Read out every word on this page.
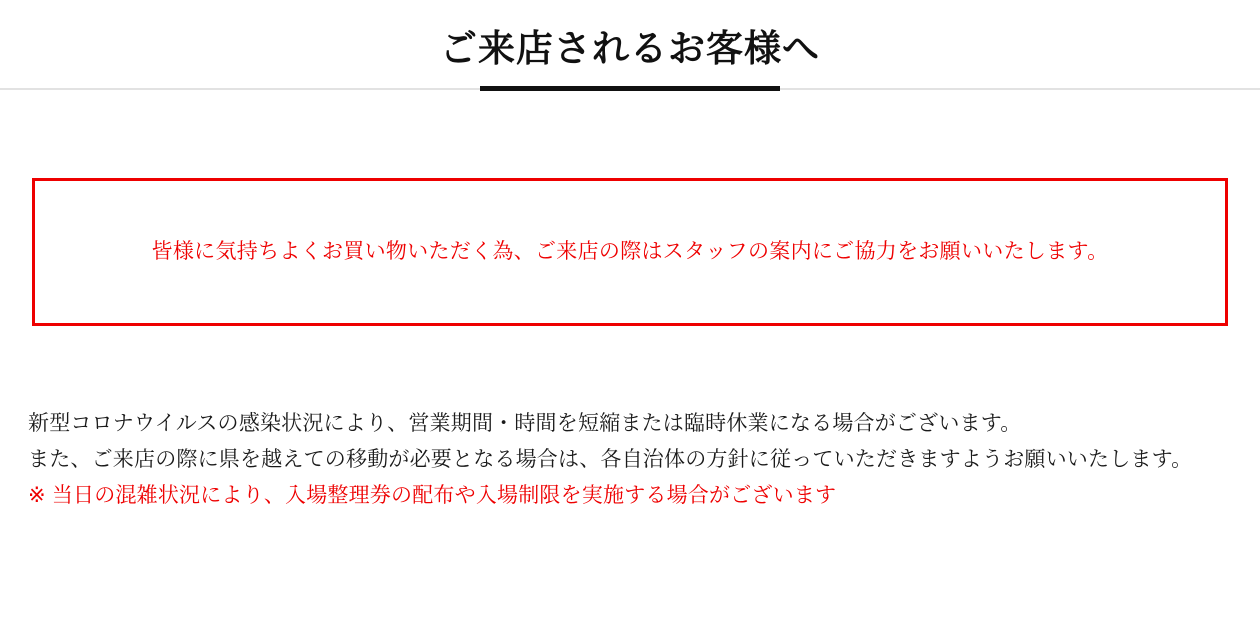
ご来店されるお客様へ
皆様に気持ちよくお買い物いただく為、ご来店の際はスタッフの案内にご協力をお願いいたします。

新型コロナウイルスの感染状況により、営業期間・時間を短縮または臨時休業になる場合がございます。

また、ご来店の際に県を越えての移動が必要となる場合は、各自治体の方針に従っていただきますようお願いいたします。

※ 当日の混雑状況により、入場整理券の配布や入場制限を実施する場合がございます
